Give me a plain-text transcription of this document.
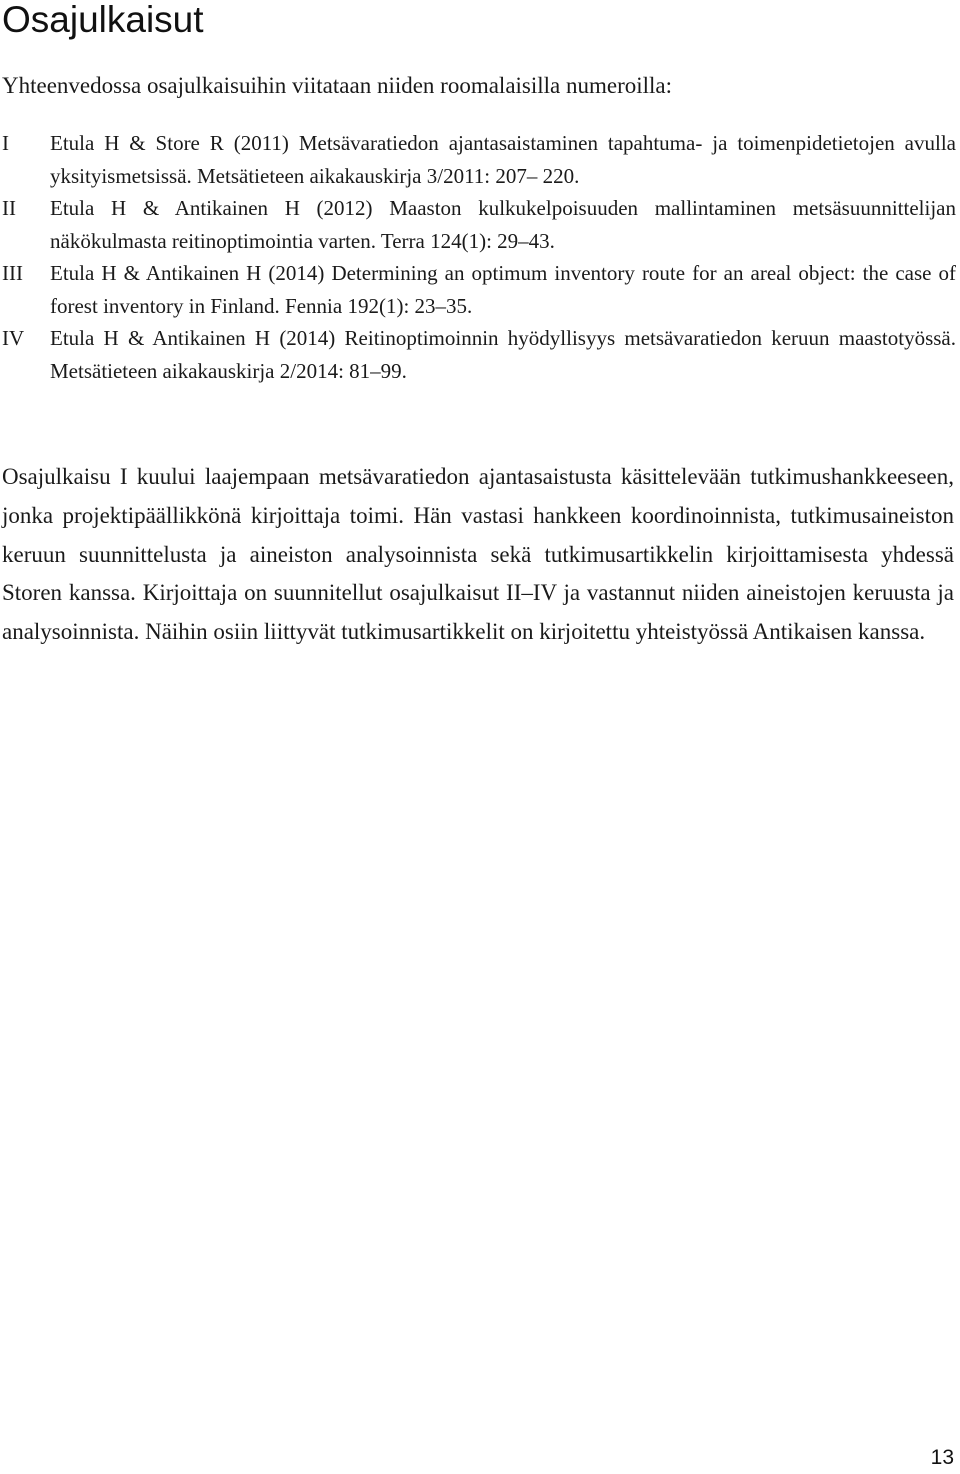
Osajulkaisut

Yhteenvedossa osajulkaisuihin viitataan niiden roomalaisilla numeroilla:

I	Etula H & Store R (2011) Metsävaratiedon ajantasaistaminen tapahtuma- ja toimenpidetietojen avulla yksityismetsissä. Metsätieteen aikakauskirja 3/2011: 207– 220.
II	Etula H & Antikainen H (2012) Maaston kulkukelpoisuuden mallintaminen metsäsuunnittelijan näkökulmasta reitinoptimointia varten. Terra 124(1): 29–43.
III	Etula H & Antikainen H (2014) Determining an optimum inventory route for an areal object: the case of forest inventory in Finland. Fennia 192(1): 23–35.
IV	Etula H & Antikainen H (2014) Reitinoptimoinnin hyödyllisyys metsävaratiedon keruun maastotyössä. Metsätieteen aikakauskirja 2/2014: 81–99.

Osajulkaisu I kuului laajempaan metsävaratiedon ajantasaistusta käsittelevään tutkimushankkeeseen, jonka projektipäällikkönä kirjoittaja toimi. Hän vastasi hankkeen koordinoinnista, tutkimusaineiston keruun suunnittelusta ja aineiston analysoinnista sekä tutkimusartikkelin kirjoittamisesta yhdessä Storen kanssa. Kirjoittaja on suunnitellut osajulkaisut II–IV ja vastannut niiden aineistojen keruusta ja analysoinnista. Näihin osiin liittyvät tutkimusartikkelit on kirjoitettu yhteistyössä Antikaisen kanssa.

13
